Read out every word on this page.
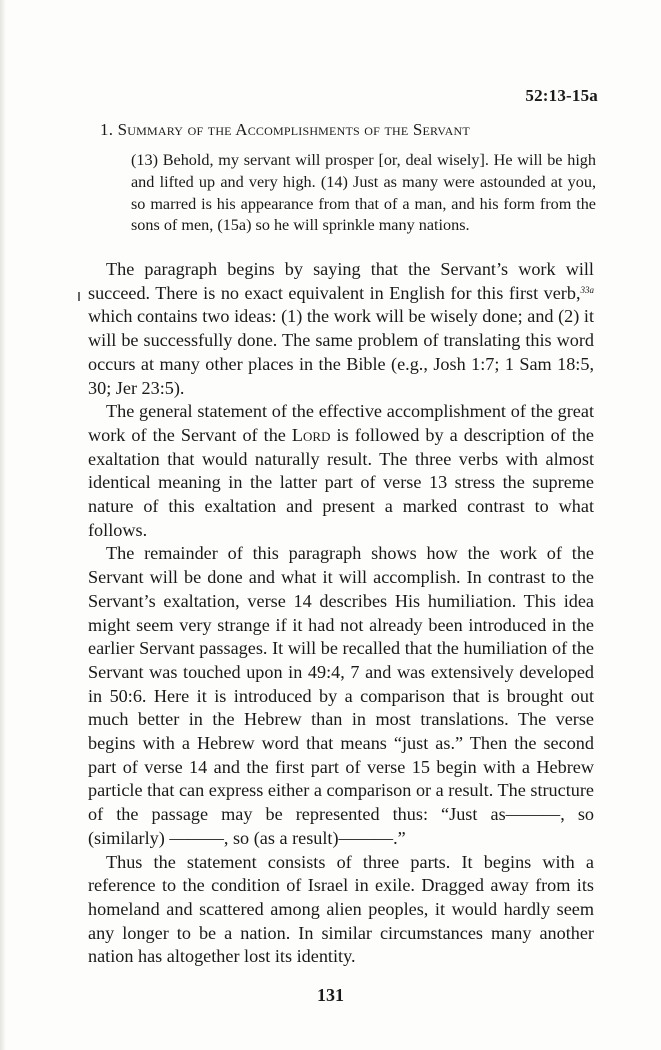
52:13-15a
1. Summary of the Accomplishments of the Servant

(13) Behold, my servant will prosper [or, deal wisely]. He will be high and lifted up and very high. (14) Just as many were astounded at you, so marred is his appearance from that of a man, and his form from the sons of men, (15a) so he will sprinkle many nations.

The paragraph begins by saying that the Servant’s work will succeed. There is no exact equivalent in English for this first verb,$^{33a}$ which contains two ideas: (1) the work will be wisely done; and (2) it will be successfully done. The same problem of translating this word occurs at many other places in the Bible (e.g., Josh 1:7; 1 Sam 18:5, 30; Jer 23:5).

The general statement of the effective accomplishment of the great work of the Servant of the Lord is followed by a description of the exaltation that would naturally result. The three verbs with almost identical meaning in the latter part of verse 13 stress the supreme nature of this exaltation and present a marked contrast to what follows.

The remainder of this paragraph shows how the work of the Servant will be done and what it will accomplish. In contrast to the Servant’s exaltation, verse 14 describes His humiliation. This idea might seem very strange if it had not already been introduced in the earlier Servant passages. It will be recalled that the humiliation of the Servant was touched upon in 49:4, 7 and was extensively developed in 50:6. Here it is introduced by a comparison that is brought out much better in the Hebrew than in most translations. The verse begins with a Hebrew word that means “just as.” Then the second part of verse 14 and the first part of verse 15 begin with a Hebrew particle that can express either a comparison or a result. The structure of the passage may be represented thus: “Just as———, so (similarly) ———, so (as a result)———.”

Thus the statement consists of three parts. It begins with a reference to the condition of Israel in exile. Dragged away from its homeland and scattered among alien peoples, it would hardly seem any longer to be a nation. In similar circumstances many another nation has altogether lost its identity.

131
